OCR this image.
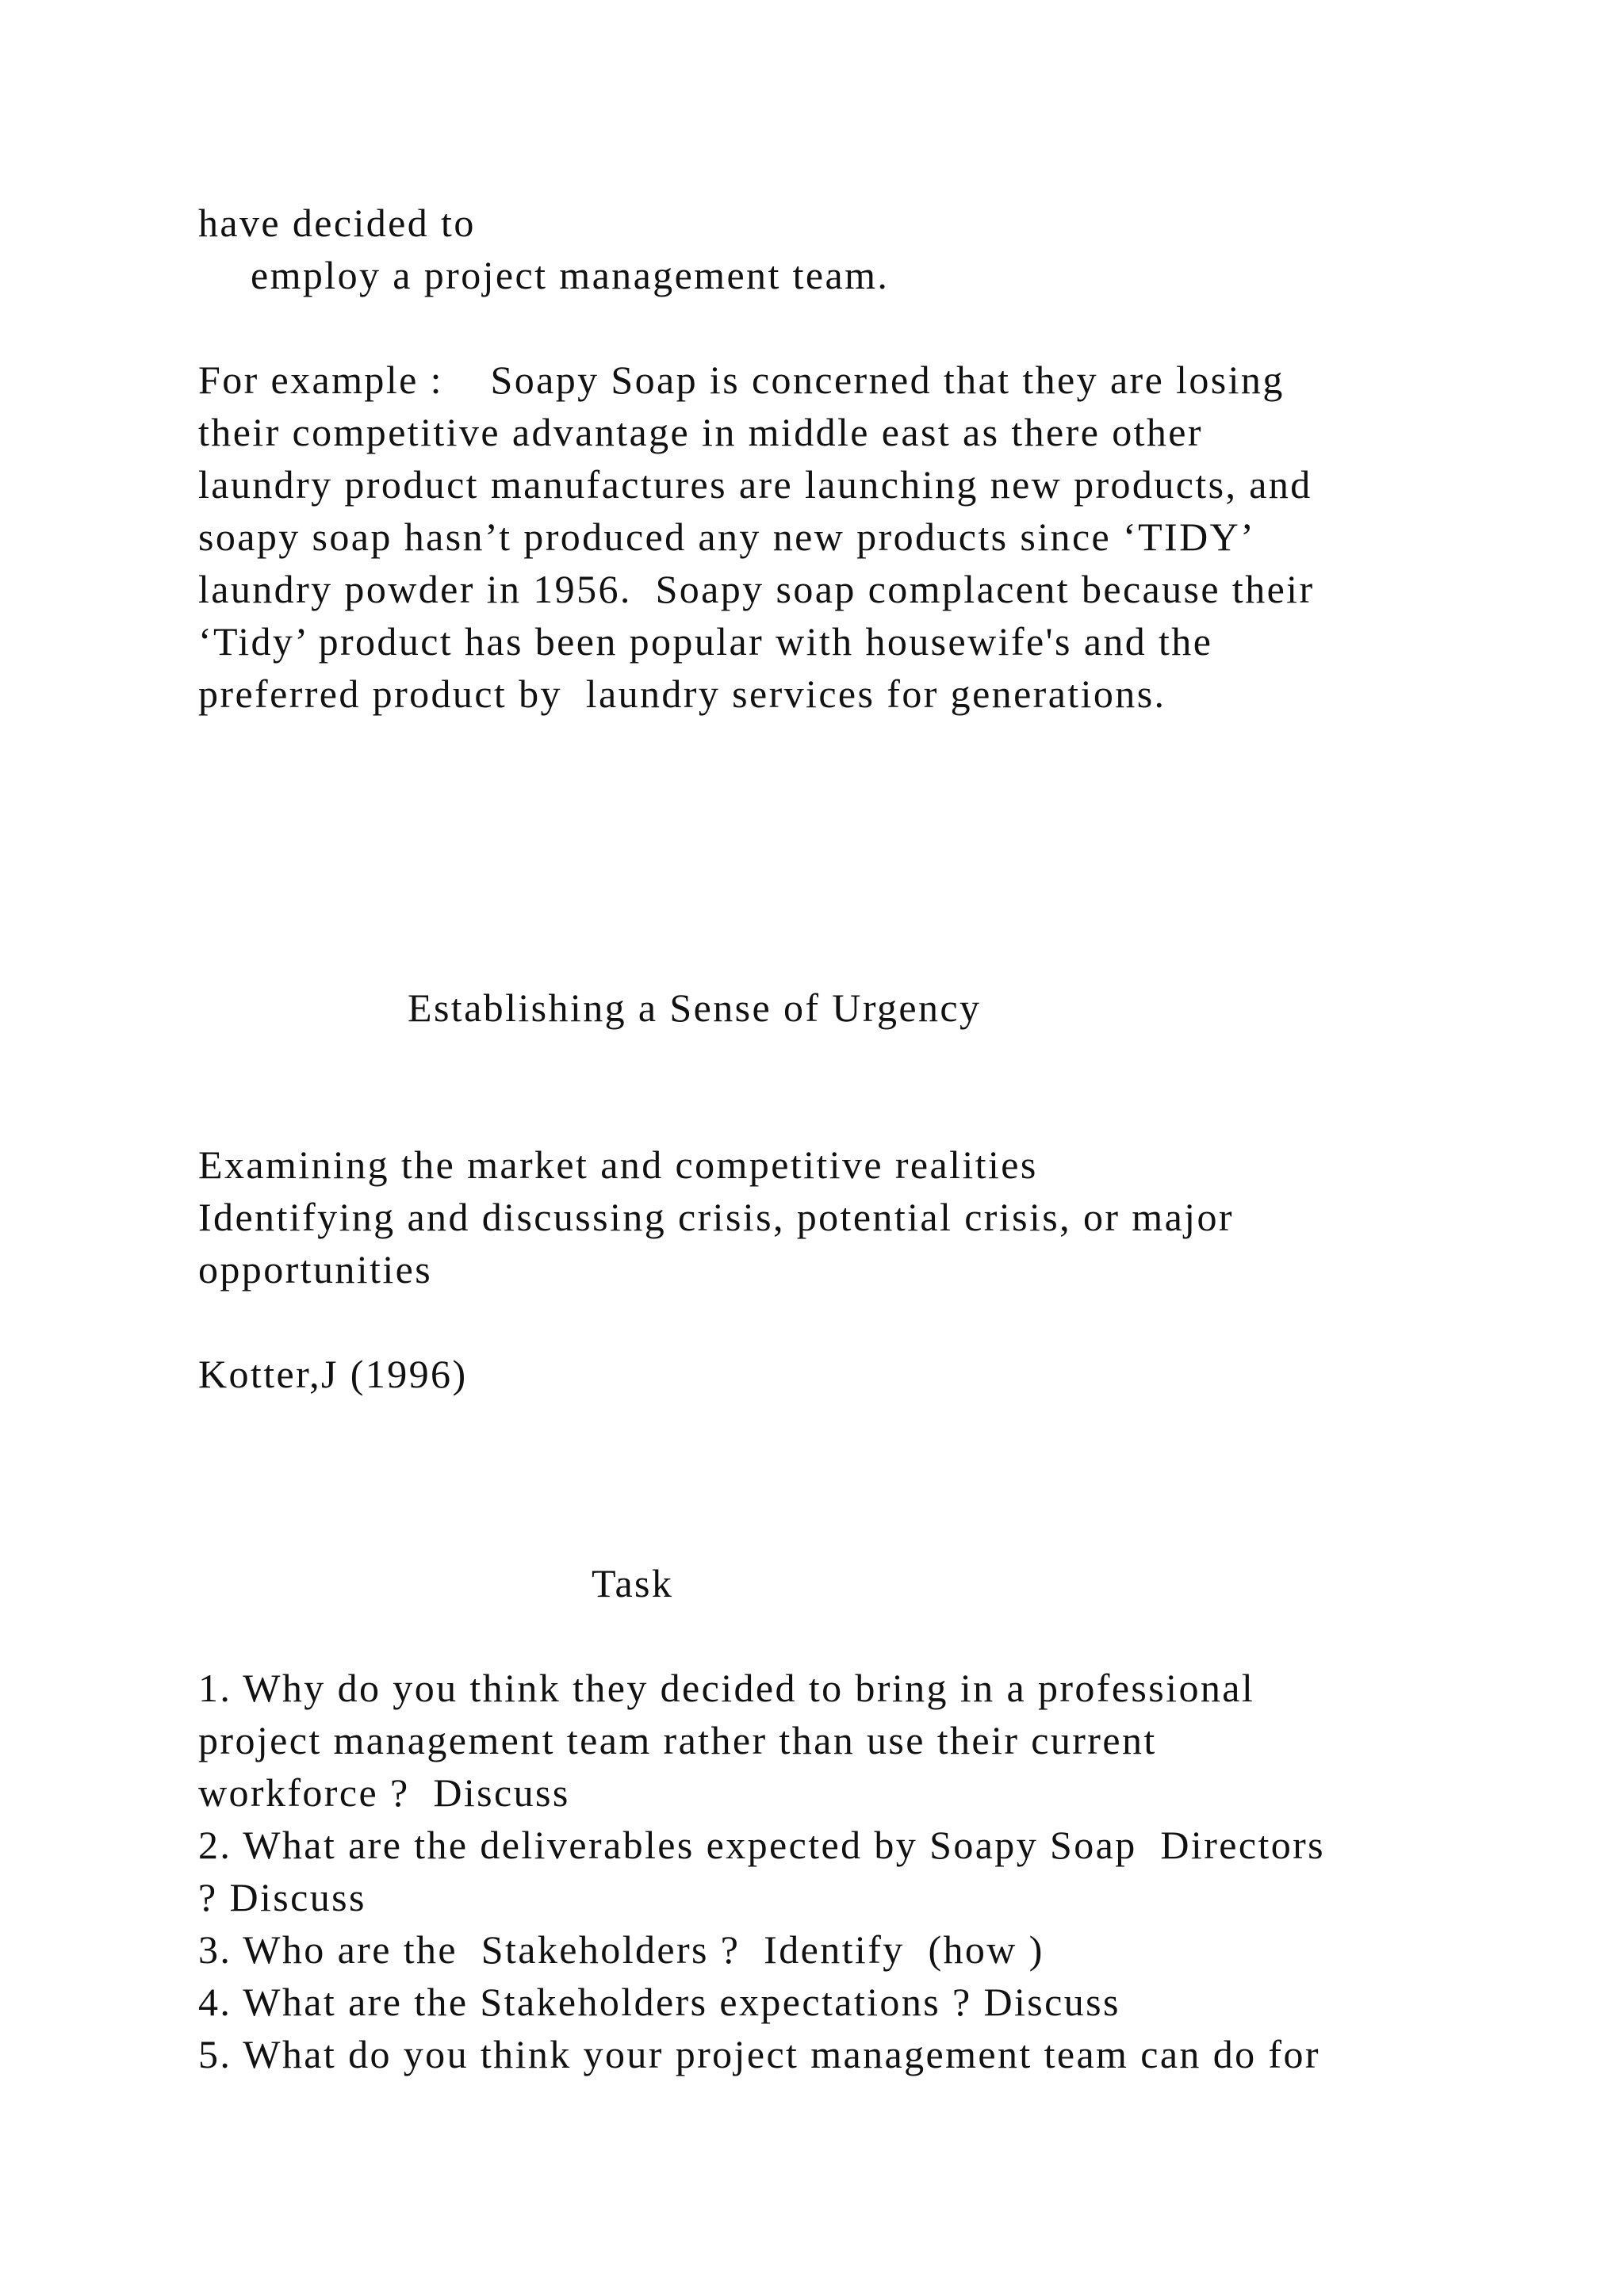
have decided to
employ a project management team.
For example :    Soapy Soap is concerned that they are losing
their competitive advantage in middle east as there other
laundry product manufactures are launching new products, and
soapy soap hasn’t produced any new products since ‘TIDY’
laundry powder in 1956.  Soapy soap complacent because their
‘Tidy’ product has been popular with housewife's and the
preferred product by  laundry services for generations.
Establishing a Sense of Urgency
Examining the market and competitive realities
Identifying and discussing crisis, potential crisis, or major
opportunities
Kotter,J (1996)
Task
1. Why do you think they decided to bring in a professional
project management team rather than use their current
workforce ?  Discuss
2. What are the deliverables expected by Soapy Soap  Directors
? Discuss
3. Who are the  Stakeholders ?  Identify  (how )
4. What are the Stakeholders expectations ? Discuss
5. What do you think your project management team can do for
